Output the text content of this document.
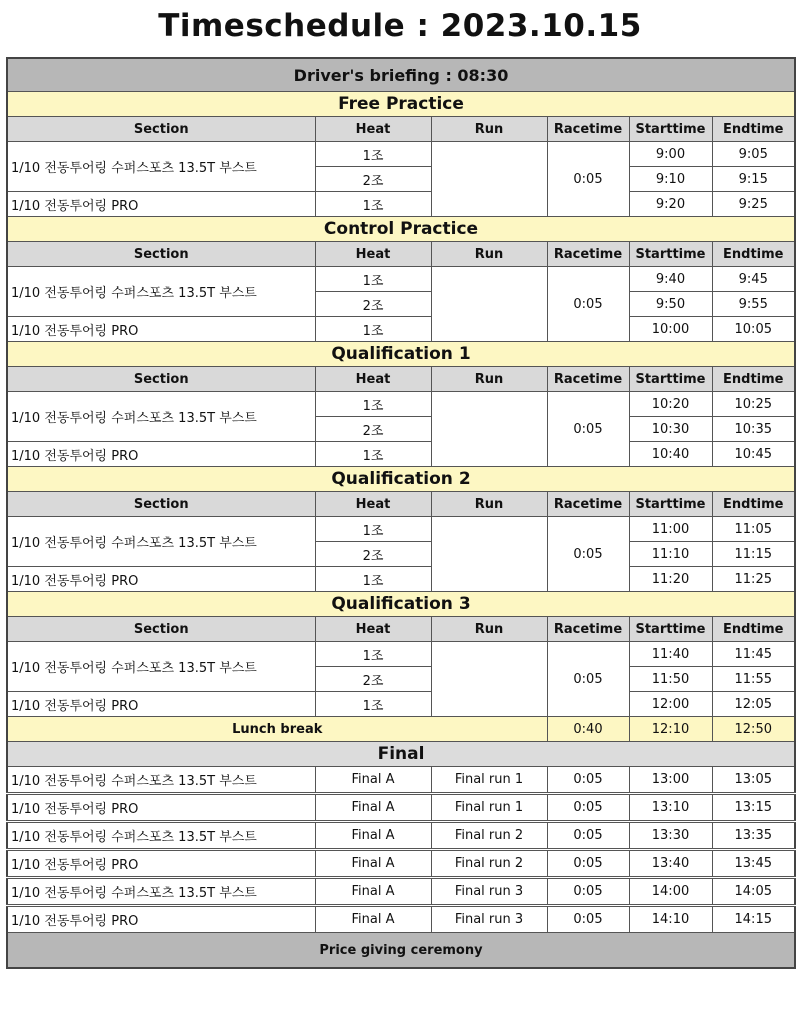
Timeschedule : 2023.10.15
Driver's briefing : 08:30					
Free Practice					
Section	Heat	Run	Racetime	Starttime	Endtime
1/10 전동투어링 수퍼스포츠 13.5T 부스트	1조		0:05	9:00	9:05
	2조			9:10	9:15
1/10 전동투어링 PRO	1조			9:20	9:25
Control Practice					
Section	Heat	Run	Racetime	Starttime	Endtime
1/10 전동투어링 수퍼스포츠 13.5T 부스트	1조		0:05	9:40	9:45
	2조			9:50	9:55
1/10 전동투어링 PRO	1조			10:00	10:05
Qualification 1					
Section	Heat	Run	Racetime	Starttime	Endtime
1/10 전동투어링 수퍼스포츠 13.5T 부스트	1조		0:05	10:20	10:25
	2조			10:30	10:35
1/10 전동투어링 PRO	1조			10:40	10:45
Qualification 2					
Section	Heat	Run	Racetime	Starttime	Endtime
1/10 전동투어링 수퍼스포츠 13.5T 부스트	1조		0:05	11:00	11:05
	2조			11:10	11:15
1/10 전동투어링 PRO	1조			11:20	11:25
Qualification 3					
Section	Heat	Run	Racetime	Starttime	Endtime
1/10 전동투어링 수퍼스포츠 13.5T 부스트	1조		0:05	11:40	11:45
	2조			11:50	11:55
1/10 전동투어링 PRO	1조			12:00	12:05
Lunch break			0:40	12:10	12:50
Final					
1/10 전동투어링 수퍼스포츠 13.5T 부스트	Final A	Final run 1	0:05	13:00	13:05
1/10 전동투어링 PRO	Final A	Final run 1	0:05	13:10	13:15
1/10 전동투어링 수퍼스포츠 13.5T 부스트	Final A	Final run 2	0:05	13:30	13:35
1/10 전동투어링 PRO	Final A	Final run 2	0:05	13:40	13:45
1/10 전동투어링 수퍼스포츠 13.5T 부스트	Final A	Final run 3	0:05	14:00	14:05
1/10 전동투어링 PRO	Final A	Final run 3	0:05	14:10	14:15
Price giving ceremony					
